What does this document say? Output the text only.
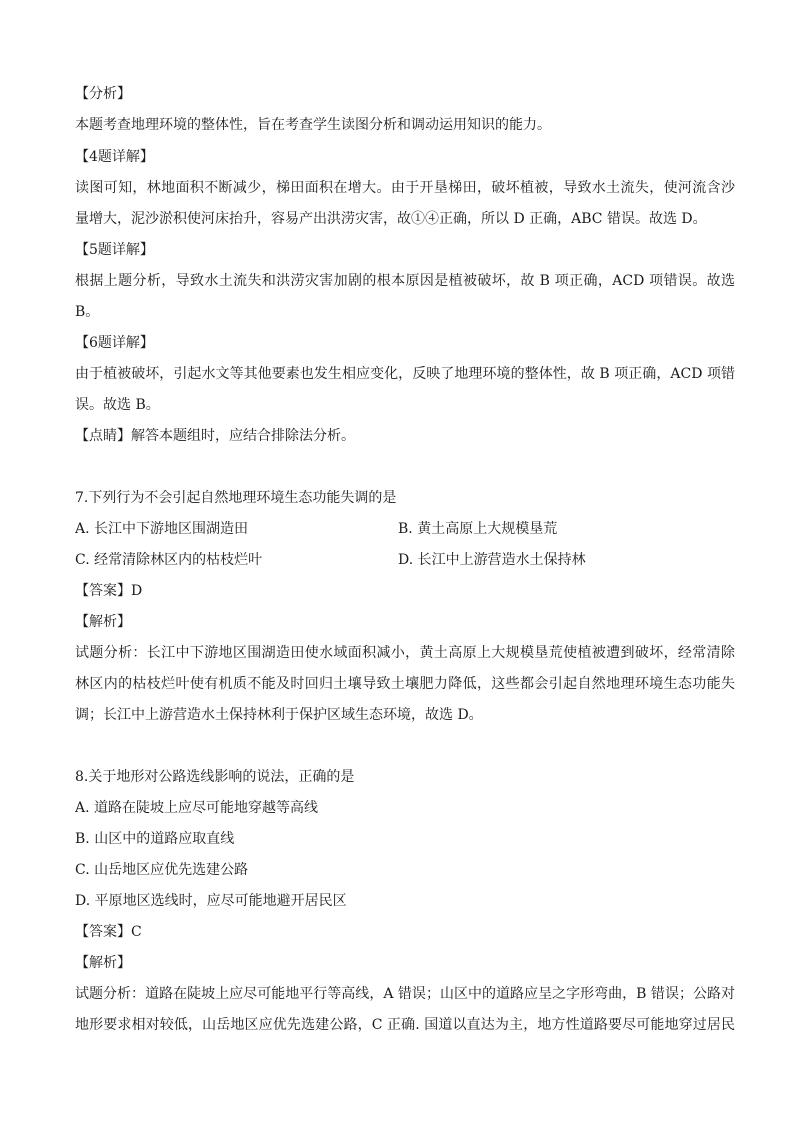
【分析】
本题考查地理环境的整体性，旨在考查学生读图分析和调动运用知识的能力。
【4题详解】
读图可知，林地面积不断减少，梯田面积在增大。由于开垦梯田，破坏植被，导致水土流失，使河流含沙
量增大，泥沙淤积使河床抬升，容易产出洪涝灾害，故①④正确，所以 D 正确，ABC 错误。故选 D。
【5题详解】
根据上题分析，导致水土流失和洪涝灾害加剧的根本原因是植被破坏，故 B 项正确，ACD 项错误。故选
B。
【6题详解】
由于植被破坏，引起水文等其他要素也发生相应变化，反映了地理环境的整体性，故 B 项正确，ACD 项错
误。故选 B。
【点睛】解答本题组时，应结合排除法分析。
7.下列行为不会引起自然地理环境生态功能失调的是
A. 长江中下游地区围湖造田	B. 黄土高原上大规模垦荒
C. 经常清除林区内的枯枝烂叶	D. 长江中上游营造水土保持林
【答案】D
【解析】
试题分析：长江中下游地区围湖造田使水域面积减小，黄土高原上大规模垦荒使植被遭到破坏，经常清除
林区内的枯枝烂叶使有机质不能及时回归土壤导致土壤肥力降低，这些都会引起自然地理环境生态功能失
调；长江中上游营造水土保持林利于保护区域生态环境，故选 D。
8.关于地形对公路选线影响的说法，正确的是
A. 道路在陡坡上应尽可能地穿越等高线
B. 山区中的道路应取直线
C. 山岳地区应优先选建公路
D. 平原地区选线时，应尽可能地避开居民区
【答案】C
【解析】
试题分析：道路在陡坡上应尽可能地平行等高线，A 错误；山区中的道路应呈之字形弯曲，B 错误；公路对
地形要求相对较低，山岳地区应优先选建公路，C 正确. 国道以直达为主，地方性道路要尽可能地穿过居民
